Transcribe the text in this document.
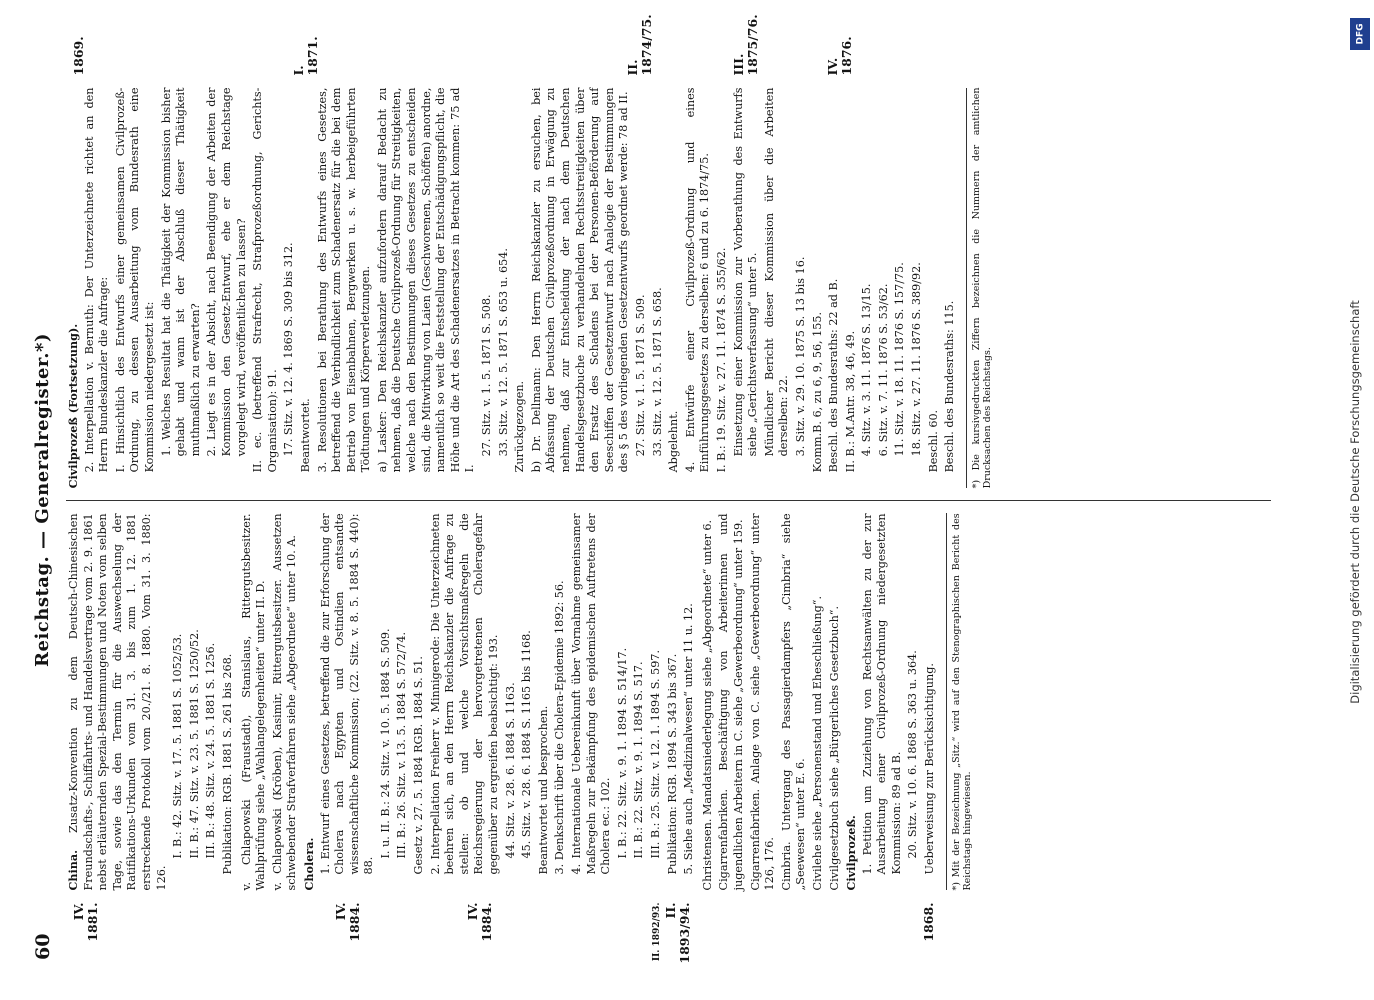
60
Reichstag. — Generalregister.*)
IV. 1881.	IV. 1884.	IV. 1884.	II. 1892/93. II. 1893/94.	1868.

China. Zusatz-Konvention zu dem Deutsch-Chinesischen Freundschafts-, Schiffahrts- und Handelsvertrage vom 2. 9. 1861 nebst erläuternden Spezial-Bestimmungen und Noten vom selben Tage, sowie das den Termin für die Auswechselung der Ratifikations-Urkunden vom 31. 3. bis zum 1. 12. 1881 erstreckende Protokoll vom 20./21. 8. 1880. Vom 31. 3. 1880: 126.

I. B.: 42. Sitz. v. 17. 5. 1881 S. 1052/53. II. B.: 47. Sitz. v. 23. 5. 1881 S. 1250/52. III. B.: 48. Sitz. v. 24. 5. 1881 S. 1256. Publikation: RGB. 1881 S. 261 bis 268. v. Chlapowski (Fraustadt), Stanislaus, Rittergutsbesitzer. Wahlprüfung siehe „Wahlangelegenheiten“ unter II. D. v. Chlapowski (Kröben), Kasimir, Rittergutsbesitzer. Aussetzen schwebender Strafverfahren siehe „Abgeordnete“ unter 10. A. Cholera. 1. Entwurf eines Gesetzes, betreffend die zur Erforschung der Cholera nach Egypten und Ostindien entsandte wissenschaftliche Kommission; (22. Sitz. v. 8. 5. 1884 S. 440): 88.

I. u. II. B.: 24. Sitz. v. 10. 5. 1884 S. 509. III. B.: 26. Sitz. v. 13. 5. 1884 S. 572/74. Gesetz v. 27. 5. 1884 RGB. 1884 S. 51. 2. Interpellation Freiherr v. Minnigerode: Die Unterzeichneten beehren sich, an den Herrn Reichskanzler die Anfrage zu stellen: ob und welche Vorsichtsmaßregeln die Reichsregierung der hervorgetretenen Choleragefahr gegenüber zu ergreifen beabsichtigt: 193. 44. Sitz. v. 28. 6. 1884 S. 1163. 45. Sitz. v. 28. 6. 1884 S. 1165 bis 1168. Beantwortet und besprochen. 3. Denkschrift über die Cholera-Epidemie 1892: 56. 4. Internationale Uebereinkunft über Vornahme gemeinsamer Maßregeln zur Bekämpfung des epidemischen Auftretens der Cholera ec.: 102. I. B.: 22. Sitz. v. 9. 1. 1894 S. 514/17. II. B.: 22. Sitz. v. 9. 1. 1894 S. 517. III. B.: 25. Sitz. v. 12. 1. 1894 S. 597. Publikation: RGB. 1894 S. 343 bis 367. 5. Siehe auch „Medizinalwesen“ unter 11 u. 12. Christensen. Mandatsniederlegung siehe „Abgeordnete“ unter 6. Cigarrenfabriken. Beschäftigung von Arbeiterinnen und jugendlichen Arbeitern in C. siehe „Gewerbeordnung“ unter 159. Cigarrenfabriken. Anlage von C. siehe „Gewerbeordnung“ unter 126, 176. Cimbria. Untergang des Passagierdampfers „Cimbria“ siehe „Seewesen“ unter E. 6. Civilehe siehe „Personenstand und Eheschließung“. Civilgesetzbuch siehe „Bürgerliches Gesetzbuch“. Civilprozeß. 1. Petition um Zuziehung von Rechtsanwälten zu der zur Ausarbeitung einer Civilprozeß-Ordnung niedergesetzten Kommission: 89 ad B. 20. Sitz. v. 10. 6. 1868 S. 363 u. 364. Ueberweisung zur Berücksichtigung.	*) Mit der Bezeichnung „Sitz.“ wird auf den Stenographischen Bericht des Reichstags hingewiesen.

Civilprozeß (Fortsetzung). 2. Interpellation v. Bernuth: Der Unterzeichnete richtet an den Herrn Bundeskanzler die Anfrage: I. Hinsichtlich des Entwurfs einer gemeinsamen Civilprozeß-Ordnung, zu dessen Ausarbeitung vom Bundesrath eine Kommission niedergesetzt ist: 1. Welches Resultat hat die Thätigkeit der Kommission bisher gehabt und wann ist der Abschluß dieser Thätigkeit muthmaßlich zu erwarten? 2. Liegt es in der Absicht, nach Beendigung der Arbeiten der Kommission den Gesetz-Entwurf, ehe er dem Reichstage vorgelegt wird, veröffentlichen zu lassen? II. ec. (betreffend Strafrecht, Strafprozeßordnung, Gerichts-Organisation): 91. 17. Sitz. v. 12. 4. 1869 S. 309 bis 312. Beantwortet. 3. Resolutionen bei Berathung des Entwurfs eines Gesetzes, betreffend die Verbindlichkeit zum Schadenersatz für die bei dem Betrieb von Eisenbahnen, Bergwerken u. s. w. herbeigeführten Tödtungen und Körperverletzungen. a) Lasker: Den Reichskanzler aufzufordern darauf Bedacht zu nehmen, daß die Deutsche Civilprozeß-Ordnung für Streitigkeiten, welche nach den Bestimmungen dieses Gesetzes zu entscheiden sind, die Mitwirkung von Laien (Geschworenen, Schöffen) anordne, namentlich so weit die Feststellung der Entschädigungspflicht, die Höhe und die Art des Schadenersatzes in Betracht kommen: 75 ad I.

27. Sitz. v. 1. 5. 1871 S. 508. 33. Sitz. v. 12. 5. 1871 S. 653 u. 654. Zurückgezogen. b) Dr. Dellmann: Den Herrn Reichskanzler zu ersuchen, bei Abfassung der Deutschen Civilprozeßordnung in Erwägung zu nehmen, daß zur Entscheidung der nach dem Deutschen Handelsgesetzbuche zu verhandelnden Rechtsstreitigkeiten über den Ersatz des Schadens bei der Personen-Beförderung auf Seeschiffen der Gesetzentwurf nach Analogie der Bestimmungen des § 5 des vorliegenden Gesetzentwurfs geordnet werde: 78 ad II. 27. Sitz. v. 1. 5. 1871 S. 509. 33. Sitz. v. 12. 5. 1871 S. 658. Abgelehnt. 4. Entwürfe einer Civilprozeß-Ordnung und eines Einführungsgesetzes zu derselben: 6 und zu 6. 1874/75. I. B.: 19. Sitz. v. 27. 11. 1874 S. 355/62. Einsetzung einer Kommission zur Vorberathung des Entwurfs siehe „Gerichtsverfassung“ unter 5. Mündlicher Bericht dieser Kommission über die Arbeiten derselben: 22. 3. Sitz. v. 29. 10. 1875 S. 13 bis 16. Komm.B. 6, zu 6, 9, 56, 155. Beschl. des Bundesraths: 22 ad B. II. B.: M.Antr. 38, 46, 49. 4. Sitz. v. 3. 11. 1876 S. 13/15. 6. Sitz. v. 7. 11. 1876 S. 53/62. 11. Sitz. v. 18. 11. 1876 S. 157/75. 18. Sitz. v. 27. 11. 1876 S. 389/92. Beschl. 60. Beschl. des Bundesraths: 115.	*) Die kursivgedruckten Ziffern bezeichnen die Nummern der amtlichen Drucksachen des Reichstags.

1869.	I. 1871.	II. 1874/75.	III. 1875/76.	IV. 1876.
DFG
Digitalisierung gefördert durch die Deutsche Forschungsgemeinschaft
